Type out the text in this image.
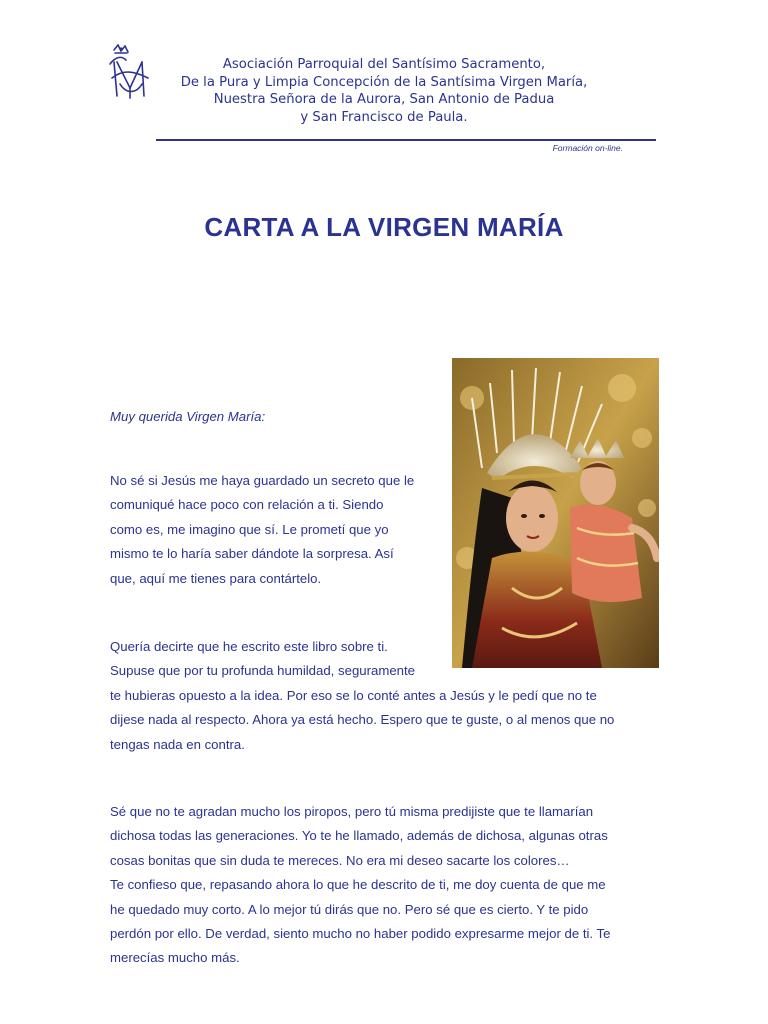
Asociación Parroquial del Santísimo Sacramento,
De la Pura y Limpia Concepción de la Santísima Virgen María,
Nuestra Señora de la Aurora, San Antonio de Padua
y San Francisco de Paula.
Formación on-line.
CARTA A LA VIRGEN MARÍA
Muy querida Virgen María:
No sé si Jesús me haya guardado un secreto que le
comuniqué hace poco con relación a ti. Siendo
como es, me imagino que sí. Le prometí que yo
mismo te lo haría saber dándote la sorpresa. Así
que, aquí me tienes para contártelo.
Quería decirte que he escrito este libro sobre ti.
Supuse que por tu profunda humildad, seguramente
te hubieras opuesto a la idea. Por eso se lo conté antes a Jesús y le pedí que no te
dijese nada al respecto. Ahora ya está hecho. Espero que te guste, o al menos que no
tengas nada en contra.
Sé que no te agradan mucho los piropos, pero tú misma predijiste que te llamarían
dichosa todas las generaciones. Yo te he llamado, además de dichosa, algunas otras
cosas bonitas que sin duda te mereces. No era mi deseo sacarte los colores…
Te confieso que, repasando ahora lo que he descrito de ti, me doy cuenta de que me
he quedado muy corto. A lo mejor tú dirás que no. Pero sé que es cierto. Y te pido
perdón por ello. De verdad, siento mucho no haber podido expresarme mejor de ti. Te
merecías mucho más.
